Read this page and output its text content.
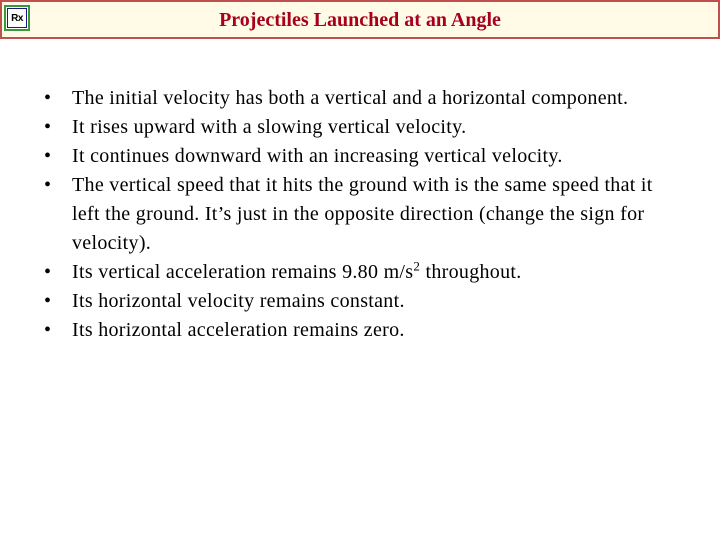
Rx	Projectiles Launched at an Angle
• The initial velocity has both a vertical and a horizontal component.
• It rises upward with a slowing vertical velocity.
• It continues downward with an increasing vertical velocity.
• The vertical speed that it hits the ground with is the same speed that it left the ground. It’s just in the opposite direction (change the sign for velocity).
• Its vertical acceleration remains 9.80 $m/s^2$ throughout.
• Its horizontal velocity remains constant.
• Its horizontal acceleration remains zero.
